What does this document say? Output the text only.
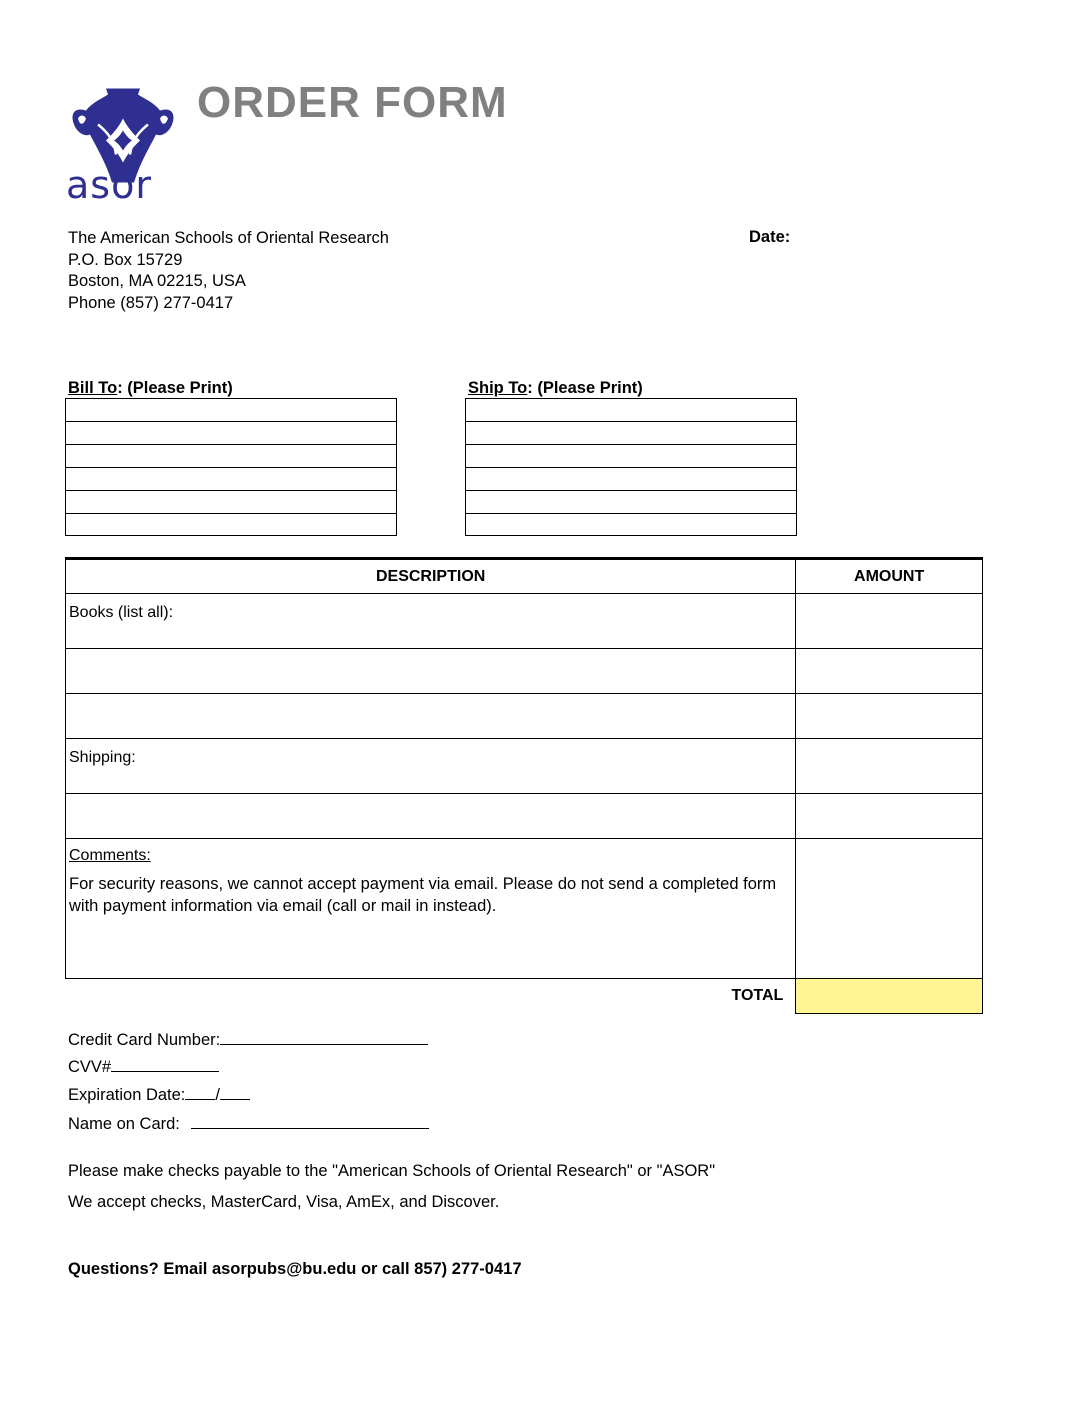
asor
ORDER FORM
The American Schools of Oriental Research
P.O. Box 15729
Boston, MA 02215, USA
Phone (857) 277-0417
Date:
Bill To: (Please Print)	Ship To: (Please Print)
DESCRIPTION	AMOUNT
Books (list all):	

Shipping:	

Comments:
For security reasons, we cannot accept payment via email. Please do not send a completed form with payment information via email (call or mail in instead).	

TOTAL	
Credit Card Number:
CVV#
Expiration Date: /
Name on Card:
Please make checks payable to the "American Schools of Oriental Research" or "ASOR"
We accept checks, MasterCard, Visa, AmEx, and Discover.
Questions? Email asorpubs@bu.edu or call 857) 277-0417
